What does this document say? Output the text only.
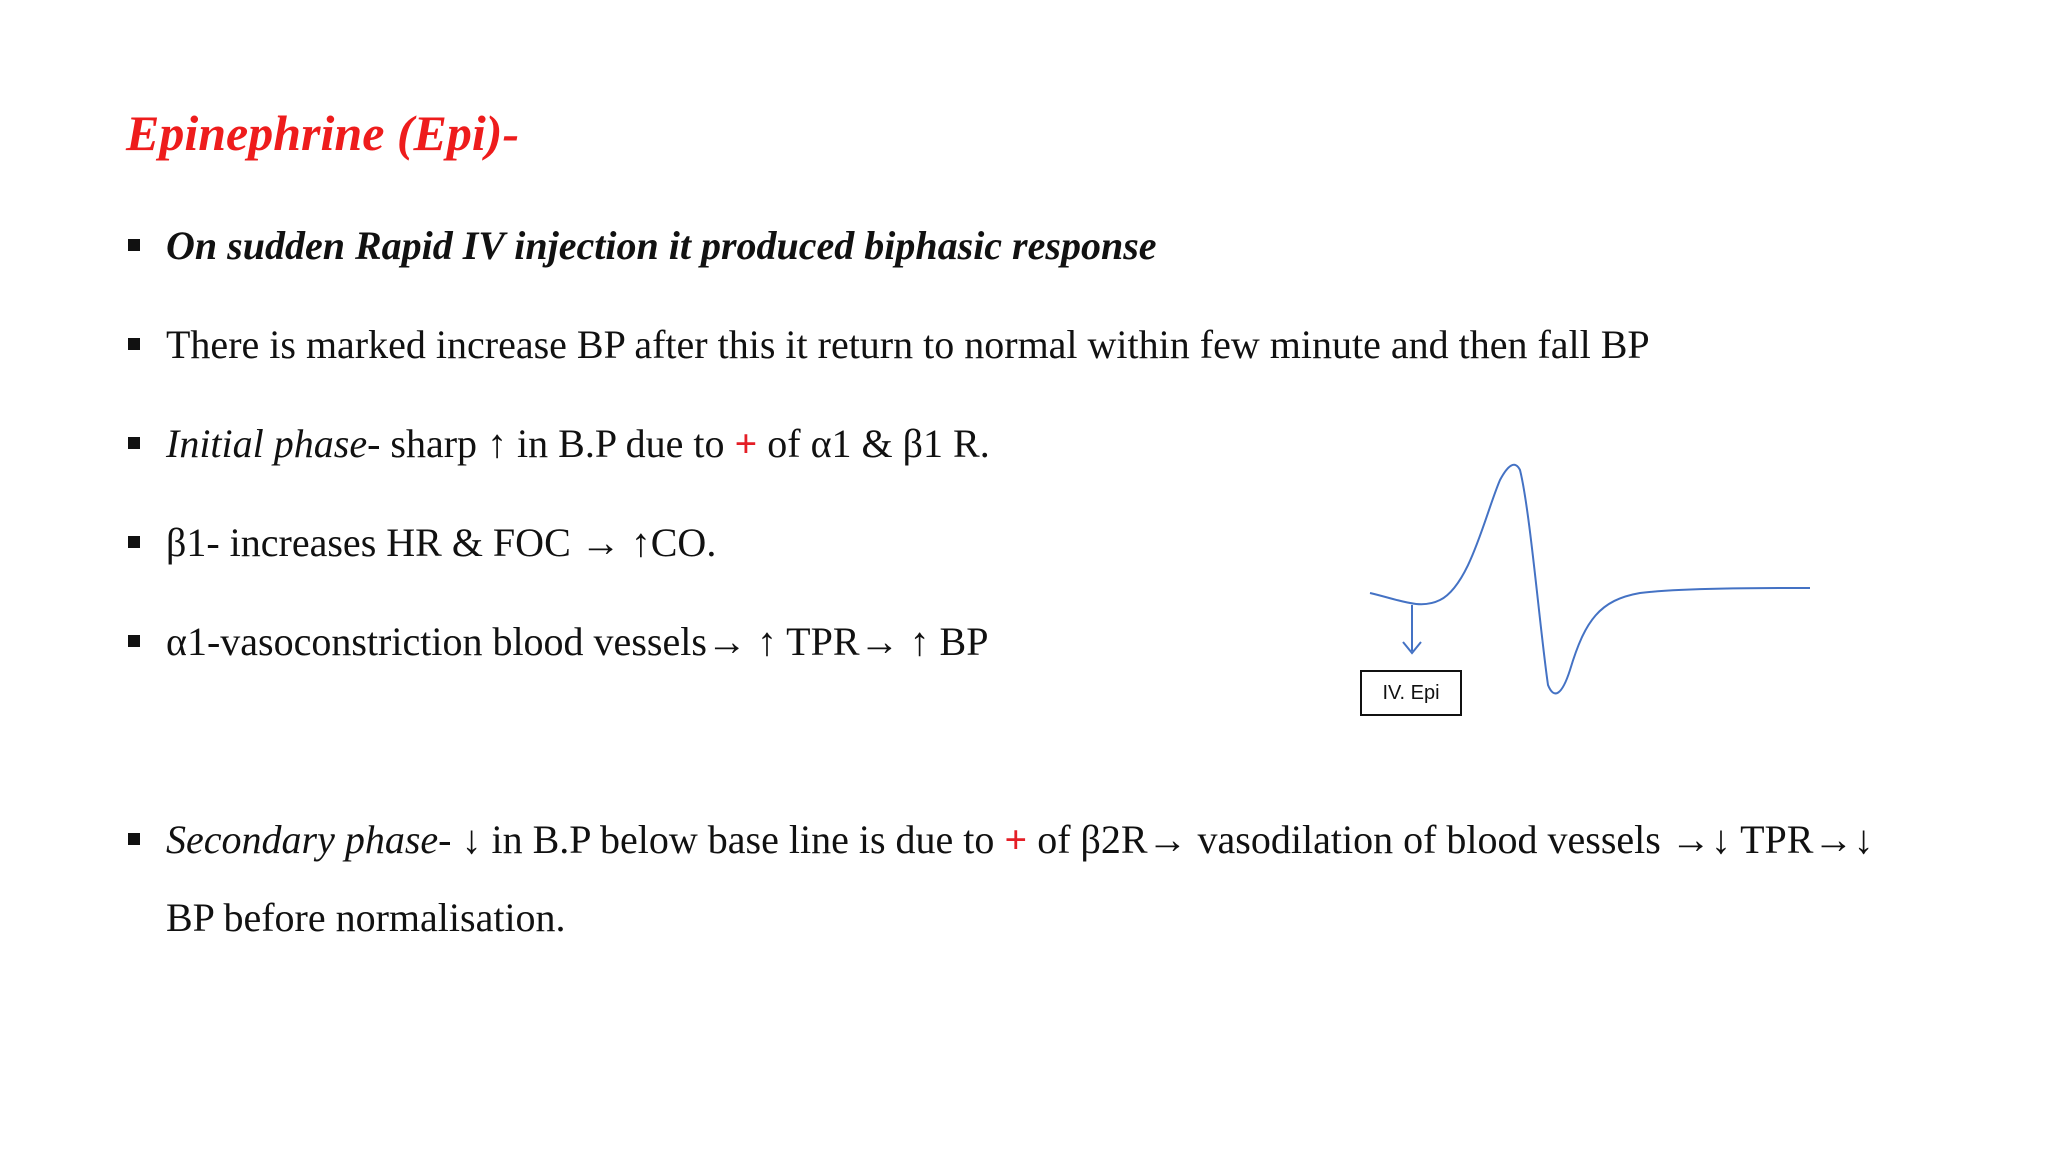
Epinephrine (Epi)-
On sudden Rapid IV injection it produced biphasic response
There is marked increase BP after this it return to normal within few minute and then fall BP
Initial phase- sharp ↑ in B.P due to + of α1 & β1 R.
β1- increases HR & FOC → ↑CO.
α1-vasoconstriction blood vessels→ ↑ TPR→ ↑ BP
Secondary phase- ↓ in B.P below base line is due to + of β2R→ vasodilation of blood vessels →↓ TPR→↓
BP before normalisation.
IV. Epi
